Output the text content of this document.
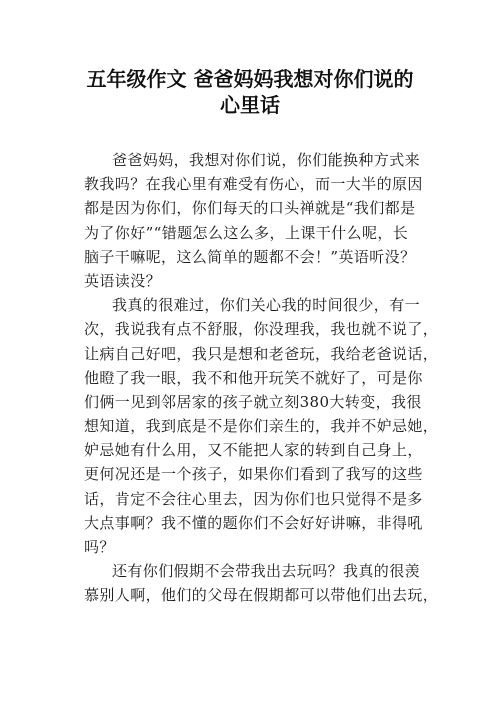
五年级作文 爸爸妈妈我想对你们说的
心里话
爸爸妈妈，我想对你们说，你们能换种方式来
教我吗？在我心里有难受有伤心，而一大半的原因
都是因为你们，你们每天的口头禅就是“我们都是
为了你好”“错题怎么这么多，上课干什么呢，长
脑子干嘛呢，这么简单的题都不会！”英语听没？
英语读没？
我真的很难过，你们关心我的时间很少，有一
次，我说我有点不舒服，你没理我，我也就不说了，
让病自己好吧，我只是想和老爸玩，我给老爸说话，
他瞪了我一眼，我不和他开玩笑不就好了，可是你
们俩一见到邻居家的孩子就立刻380大转变，我很
想知道，我到底是不是你们亲生的，我并不妒忌她，
妒忌她有什么用，又不能把人家的转到自己身上，
更何况还是一个孩子，如果你们看到了我写的这些
话，肯定不会往心里去，因为你们也只觉得不是多
大点事啊？我不懂的题你们不会好好讲嘛，非得吼
吗？
还有你们假期不会带我出去玩吗？我真的很羡
慕别人啊，他们的父母在假期都可以带他们出去玩，
